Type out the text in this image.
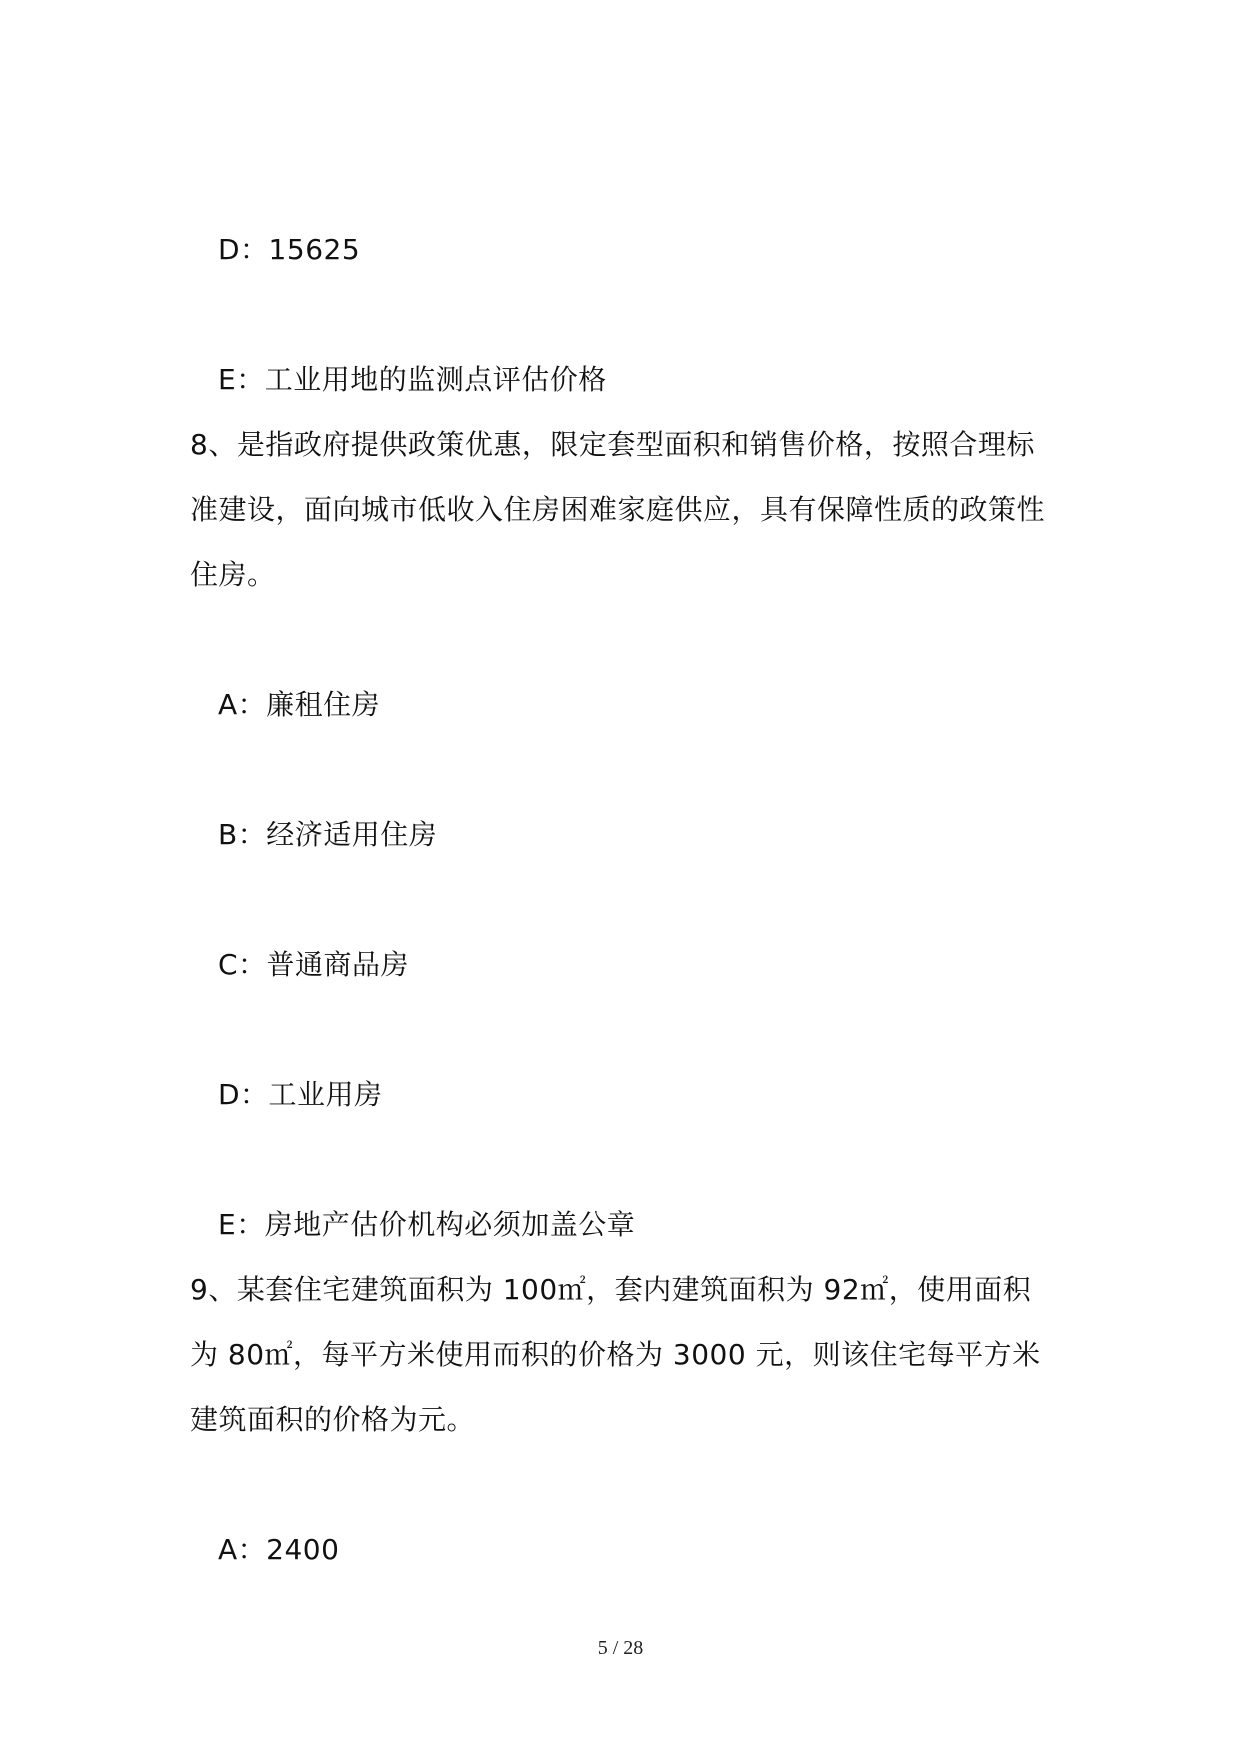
D：15625
E：工业用地的监测点评估价格
8、是指政府提供政策优惠，限定套型面积和销售价格，按照合理标
准建设，面向城市低收入住房困难家庭供应，具有保障性质的政策性
住房。
A：廉租住房
B：经济适用住房
C：普通商品房
D：工业用房
E：房地产估价机构必须加盖公章
9、某套住宅建筑面积为 100㎡，套内建筑面积为 92㎡，使用面积
为 80㎡，每平方米使用而积的价格为 3000 元，则该住宅每平方米
建筑面积的价格为元。
A：2400
5 / 28
